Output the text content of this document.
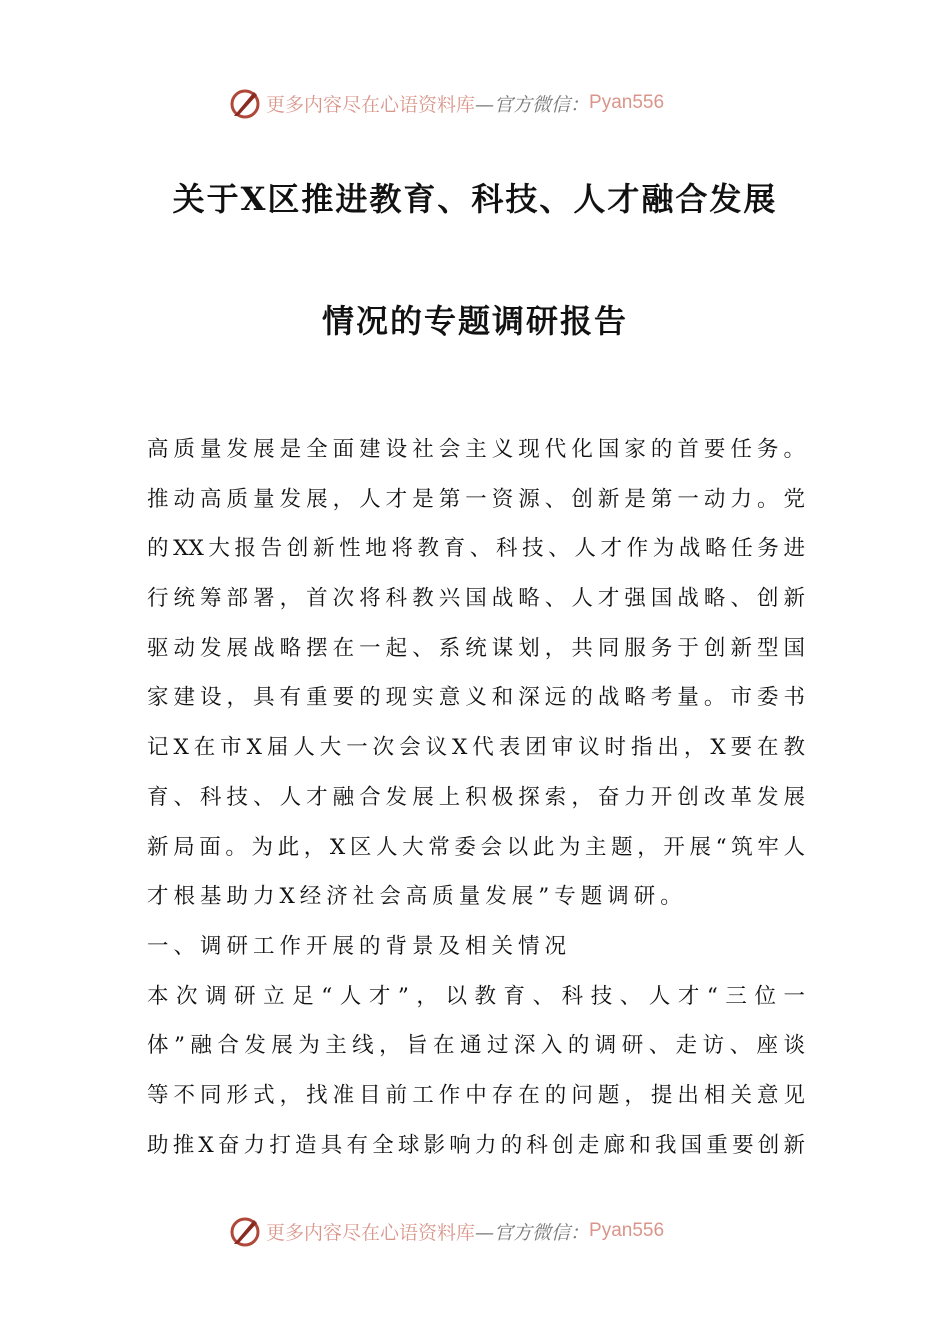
更多内容尽在心语资料库 —官方微信： Pyan556
关于X区推进教育、科技、人才融合发展
情况的专题调研报告
高质量发展是全面建设社会主义现代化国家的首要任务。
推动高质量发展，人才是第一资源、创新是第一动力。党
的XX大报告创新性地将教育、科技、人才作为战略任务进
行统筹部署，首次将科教兴国战略、人才强国战略、创新
驱动发展战略摆在一起、系统谋划，共同服务于创新型国
家建设，具有重要的现实意义和深远的战略考量。市委书
记X在市X届人大一次会议X代表团审议时指出，X要在教
育、科技、人才融合发展上积极探索，奋力开创改革发展
新局面。为此，X区人大常委会以此为主题，开展“筑牢人
才根基助力X经济社会高质量发展”专题调研。
一、调研工作开展的背景及相关情况
本次调研立足“人才”，以教育、科技、人才“三位一
体”融合发展为主线，旨在通过深入的调研、走访、座谈
等不同形式，找准目前工作中存在的问题，提出相关意见
助推X奋力打造具有全球影响力的科创走廊和我国重要创新
更多内容尽在心语资料库 —官方微信： Pyan556
